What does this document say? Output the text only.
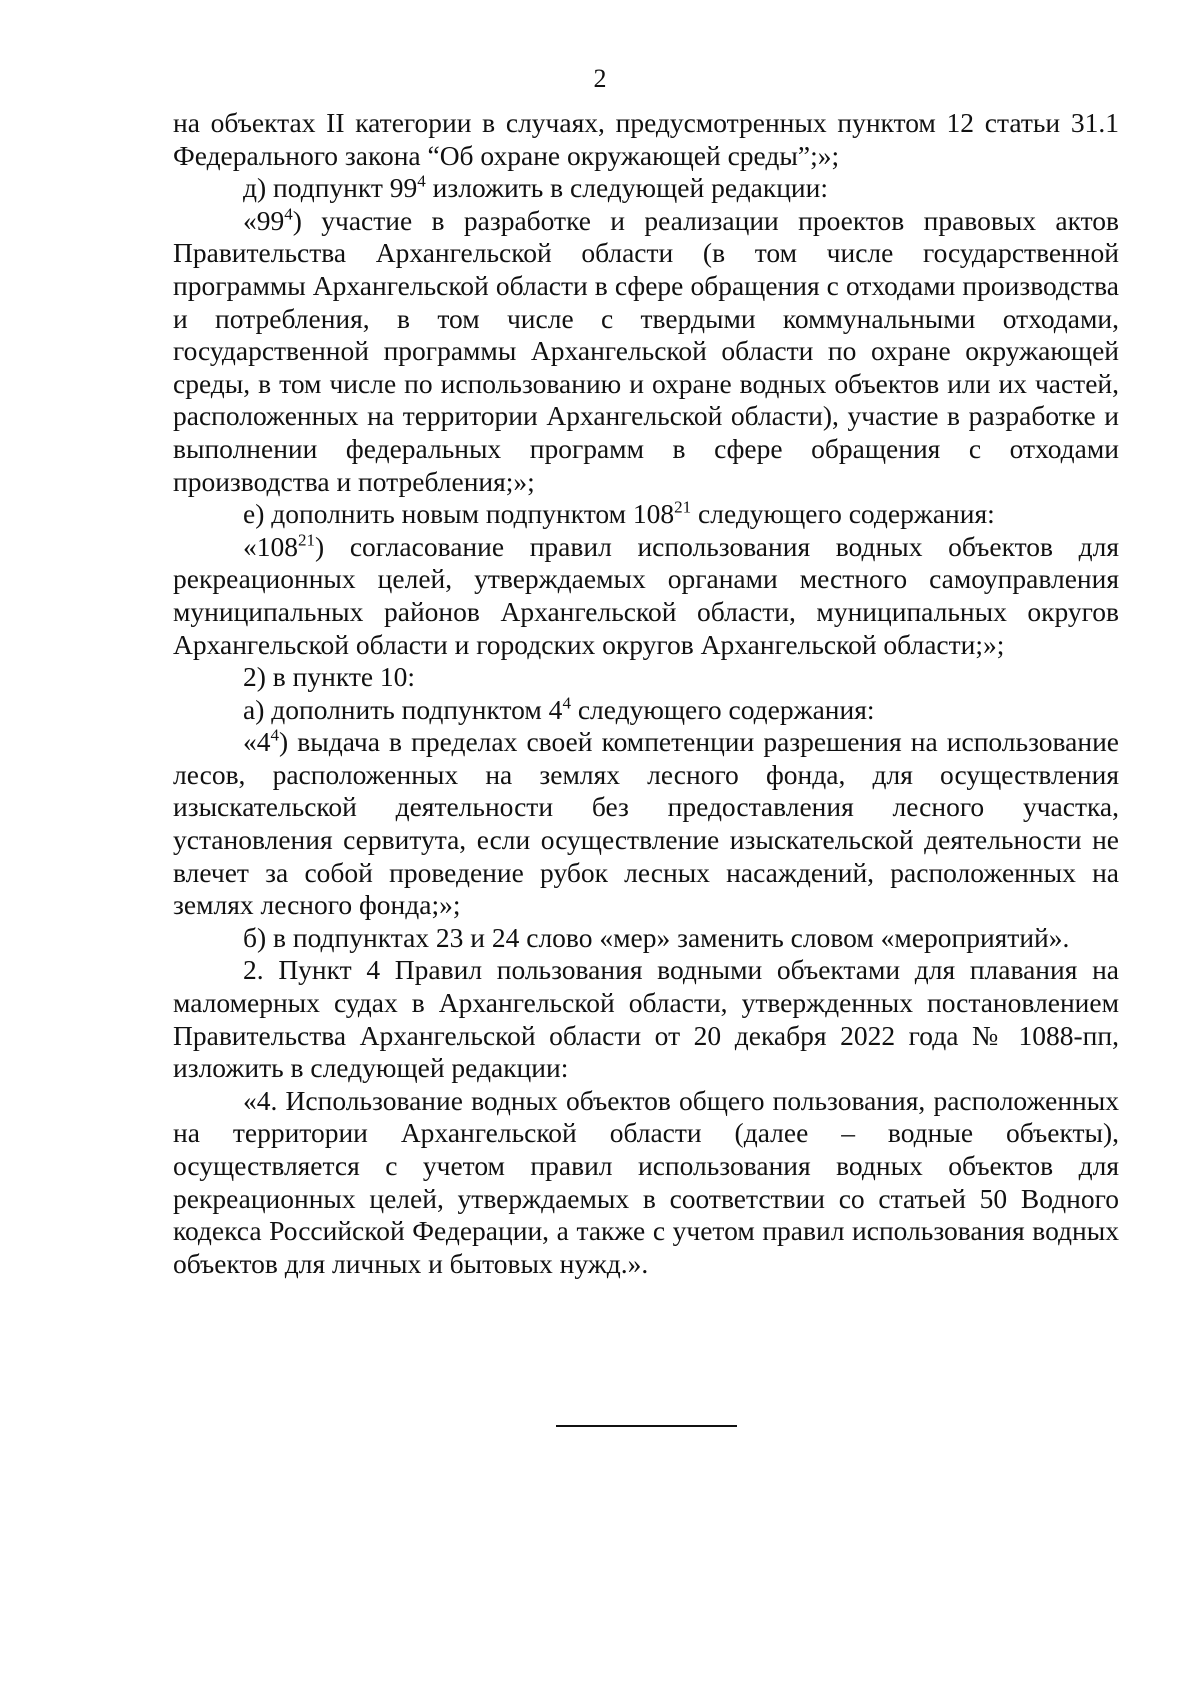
2

на объектах II категории в случаях, предусмотренных пунктом 12 статьи 31.1 Федерального закона “Об охране окружающей среды”;»;

д) подпункт $99^4$ изложить в следующей редакции:

«$99^4$) участие в разработке и реализации проектов правовых актов Правительства Архангельской области (в том числе государственной программы Архангельской области в сфере обращения с отходами производства и потребления, в том числе с твердыми коммунальными отходами, государственной программы Архангельской области по охране окружающей среды, в том числе по использованию и охране водных объектов или их частей, расположенных на территории Архангельской области), участие в разработке и выполнении федеральных программ в сфере обращения с отходами производства и потребления;»;

е) дополнить новым подпунктом $108^{21}$ следующего содержания:

«$108^{21}$) согласование правил использования водных объектов для рекреационных целей, утверждаемых органами местного самоуправления муниципальных районов Архангельской области, муниципальных округов Архангельской области и городских округов Архангельской области;»;

2) в пункте 10:

а) дополнить подпунктом $4^4$ следующего содержания:

«$4^4$) выдача в пределах своей компетенции разрешения на использование лесов, расположенных на землях лесного фонда, для осуществления изыскательской деятельности без предоставления лесного участка, установления сервитута, если осуществление изыскательской деятельности не влечет за собой проведение рубок лесных насаждений, расположенных на землях лесного фонда;»;

б) в подпунктах 23 и 24 слово «мер» заменить словом «мероприятий».

2. Пункт 4 Правил пользования водными объектами для плавания на маломерных судах в Архангельской области, утвержденных постановлением Правительства Архангельской области от 20 декабря 2022 года № 1088-пп, изложить в следующей редакции:

«4. Использование водных объектов общего пользования, расположенных на территории Архангельской области (далее – водные объекты), осуществляется с учетом правил использования водных объектов для рекреационных целей, утверждаемых в соответствии со статьей 50 Водного кодекса Российской Федерации, а также с учетом правил использования водных объектов для личных и бытовых нужд.».
